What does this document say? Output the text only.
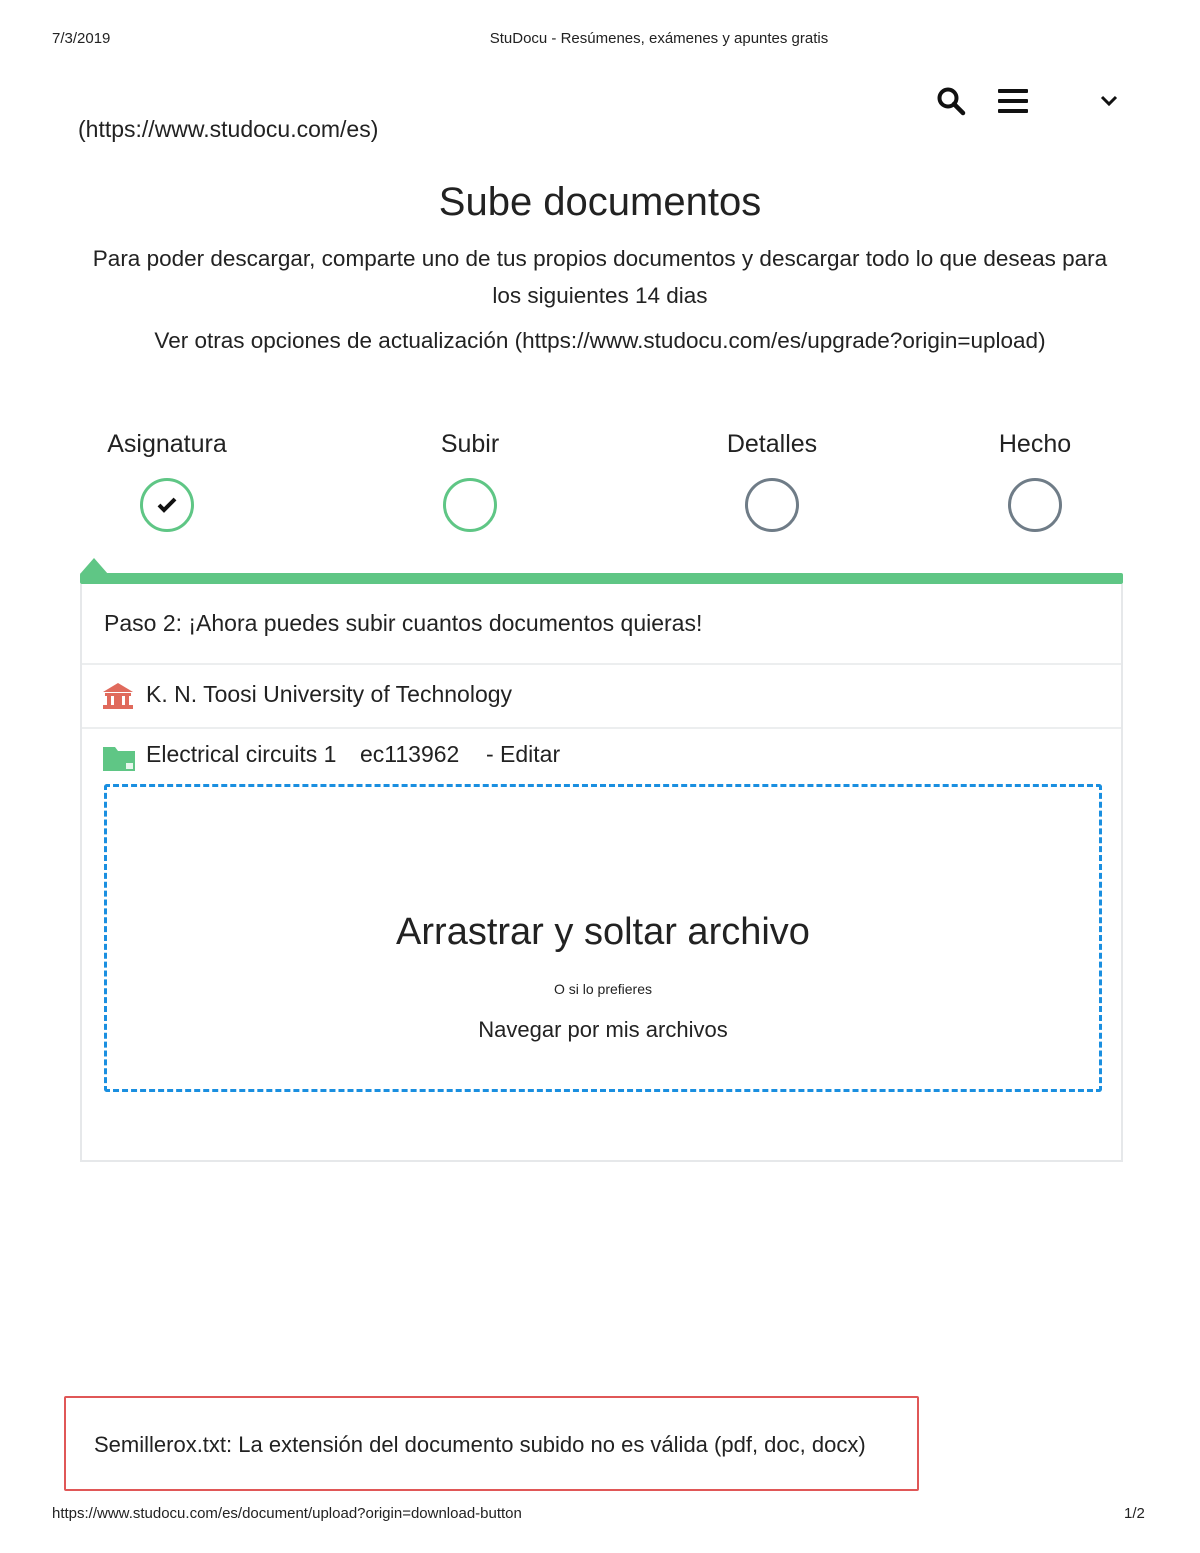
7/3/2019	StuDocu - Resúmenes, exámenes y apuntes gratis
(https://www.studocu.com/es)
Sube documentos

Para poder descargar, comparte uno de tus propios documentos y descargar todo lo que deseas para los siguientes 14 dias

Ver otras opciones de actualización (https://www.studocu.com/es/upgrade?origin=upload)

Asignatura	Subir	Detalles	Hecho
Paso 2: ¡Ahora puedes subir cuantos documentos quieras!
K. N. Toosi University of Technology
Electrical circuits 1 ec113962 - Editar
Arrastrar y soltar archivo
O si lo prefieres
Navegar por mis archivos
Semillerox.txt: La extensión del documento subido no es válida (pdf, doc, docx)
https://www.studocu.com/es/document/upload?origin=download-button	1/2
